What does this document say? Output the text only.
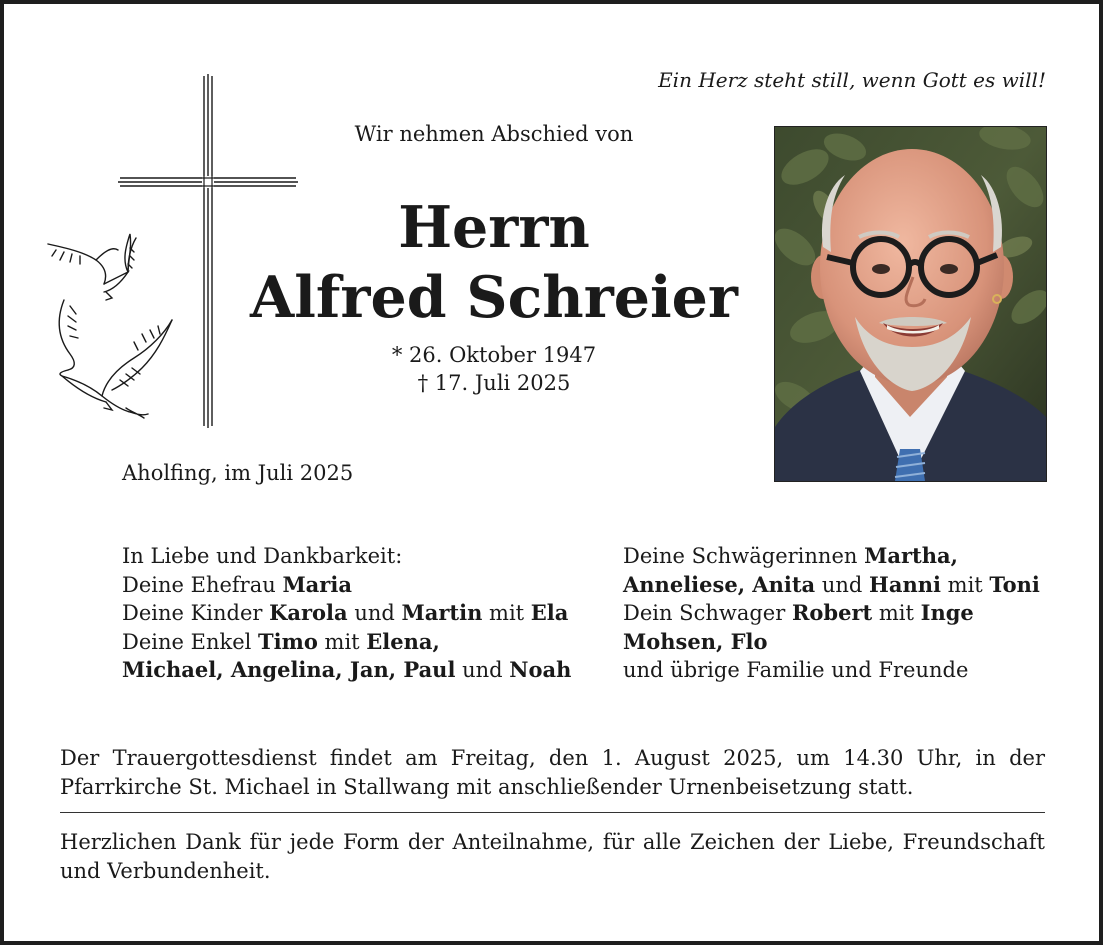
Ein Herz steht still, wenn Gott es will!
Wir nehmen Abschied von
Herrn
Alfred Schreier
* 26. Oktober 1947
† 17. Juli 2025
Aholfing, im Juli 2025
In Liebe und Dankbarkeit:
Deine Ehefrau Maria
Deine Kinder Karola und Martin mit Ela
Deine Enkel Timo mit Elena,
Michael, Angelina, Jan, Paul und Noah
Deine Schwägerinnen Martha,
Anneliese, Anita und Hanni mit Toni
Dein Schwager Robert mit Inge
Mohsen, Flo
und übrige Familie und Freunde
Der Trauergottesdienst findet am Freitag, den 1. August 2025, um 14.30 Uhr, in der Pfarrkirche St. Michael in Stallwang mit anschließender Urnenbeisetzung statt.
Herzlichen Dank für jede Form der Anteilnahme, für alle Zeichen der Liebe, Freundschaft und Verbundenheit.
